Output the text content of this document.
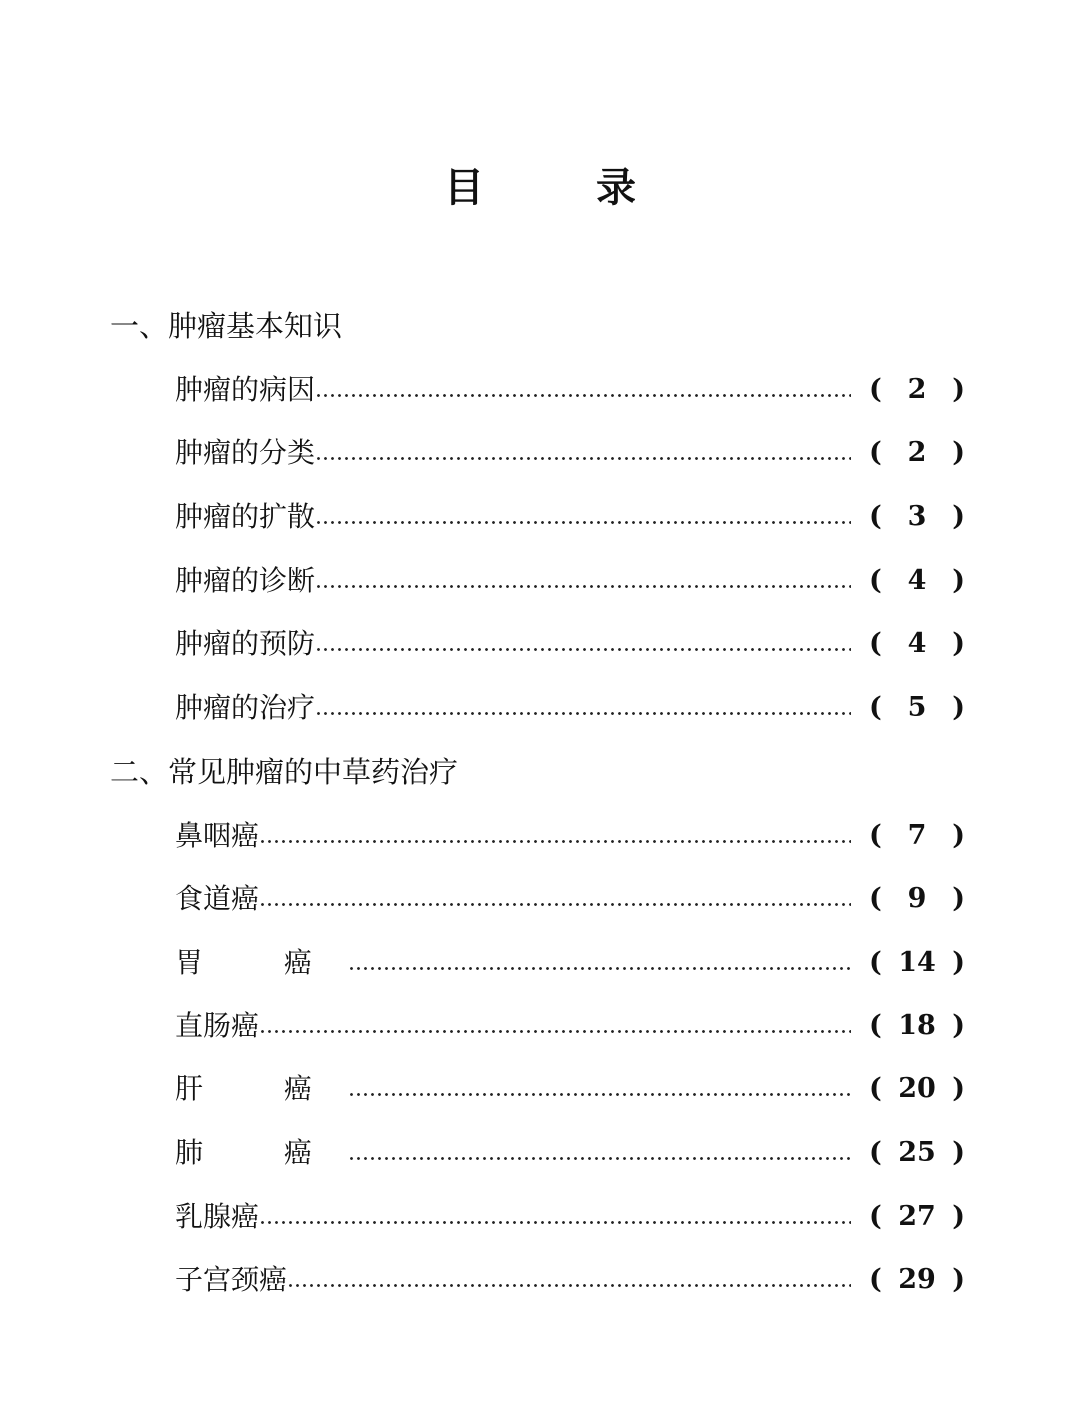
目	录
一、肿瘤基本知识
肿瘤的病因	( 2 )
肿瘤的分类	( 2 )
肿瘤的扩散	( 3 )
肿瘤的诊断	( 4 )
肿瘤的预防	( 4 )
肿瘤的治疗	( 5 )
二、常见肿瘤的中草药治疗
鼻咽癌	( 7 )
食道癌	( 9 )
胃 癌	( 14 )
直肠癌	( 18 )
肝 癌	( 20 )
肺 癌	( 25 )
乳腺癌	( 27 )
子宫颈癌	( 29 )
